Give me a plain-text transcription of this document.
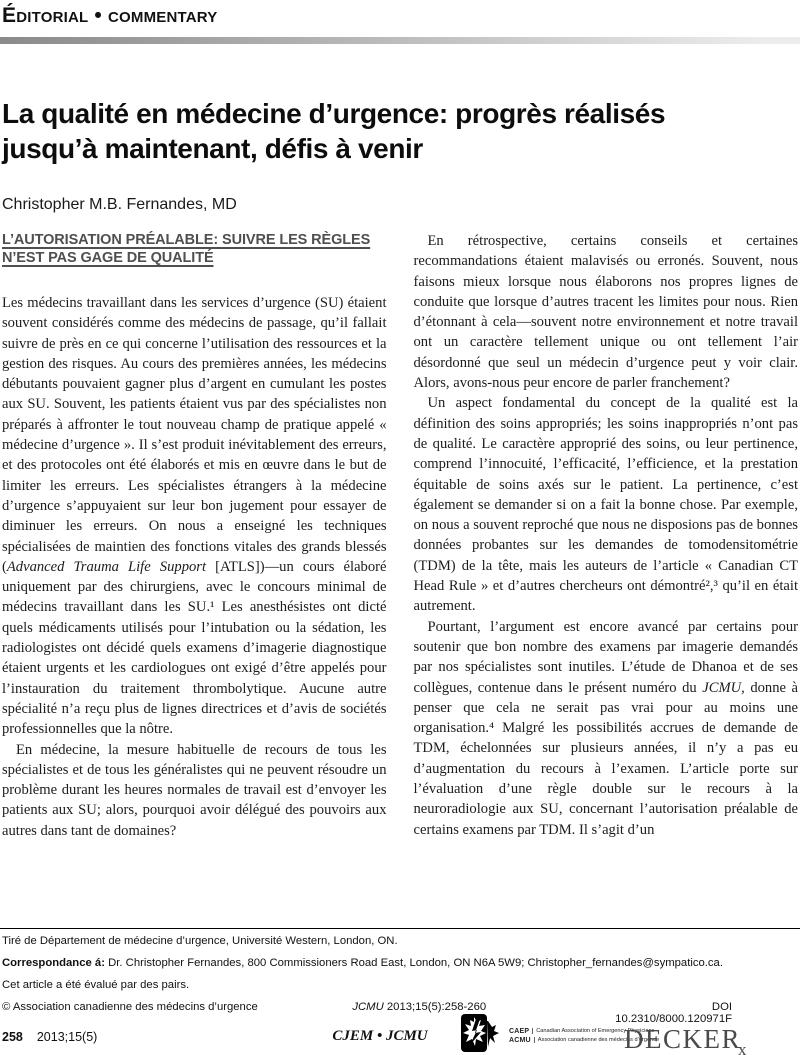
Éditorial • commentary
La qualité en médecine d’urgence: progrès réalisés jusqu’à maintenant, défis à venir
Christopher M.B. Fernandes, MD
L’AUTORISATION PRÉALABLE: SUIVRE LES RÈGLES N’EST PAS GAGE DE QUALITÉ

Les médecins travaillant dans les services d’urgence (SU) étaient souvent considérés comme des médecins de passage, qu’il fallait suivre de près en ce qui concerne l’utilisation des ressources et la gestion des risques. Au cours des premières années, les médecins débutants pouvaient gagner plus d’argent en cumulant les postes aux SU. Souvent, les patients étaient vus par des spécialistes non préparés à affronter le tout nouveau champ de pratique appelé « médecine d’urgence ». Il s’est produit inévitablement des erreurs, et des protocoles ont été élaborés et mis en œuvre dans le but de limiter les erreurs. Les spécialistes étrangers à la médecine d’urgence s’appuyaient sur leur bon jugement pour essayer de diminuer les erreurs. On nous a enseigné les techniques spécialisées de maintien des fonctions vitales des grands blessés (Advanced Trauma Life Support [ATLS])—un cours élaboré uniquement par des chirurgiens, avec le concours minimal de médecins travaillant dans les SU.¹ Les anesthésistes ont dicté quels médicaments utilisés pour l’intubation ou la sédation, les radiologistes ont décidé quels examens d’imagerie diagnostique étaient urgents et les cardiologues ont exigé d’être appelés pour l’instauration du traitement thrombolytique. Aucune autre spécialité n’a reçu plus de lignes directrices et d’avis de sociétés professionnelles que la nôtre.

En médecine, la mesure habituelle de recours de tous les spécialistes et de tous les généralistes qui ne peuvent résoudre un problème durant les heures normales de travail est d’envoyer les patients aux SU; alors, pourquoi avoir délégué des pouvoirs aux autres dans tant de domaines?

En rétrospective, certains conseils et certaines recommandations étaient malavisés ou erronés. Souvent, nous faisons mieux lorsque nous élaborons nos propres lignes de conduite que lorsque d’autres tracent les limites pour nous. Rien d’étonnant à cela—souvent notre environnement et notre travail ont un caractère tellement unique ou ont tellement l’air désordonné que seul un médecin d’urgence peut y voir clair. Alors, avons-nous peur encore de parler franchement?

Un aspect fondamental du concept de la qualité est la définition des soins appropriés; les soins inappropriés n’ont pas de qualité. Le caractère approprié des soins, ou leur pertinence, comprend l’innocuité, l’efficacité, l’efficience, et la prestation équitable de soins axés sur le patient. La pertinence, c’est également se demander si on a fait la bonne chose. Par exemple, on nous a souvent reproché que nous ne disposions pas de bonnes données probantes sur les demandes de tomodensitométrie (TDM) de la tête, mais les auteurs de l’article « Canadian CT Head Rule » et d’autres chercheurs ont démontré²,³ qu’il en était autrement.

Pourtant, l’argument est encore avancé par certains pour soutenir que bon nombre des examens par imagerie demandés par nos spécialistes sont inutiles. L’étude de Dhanoa et de ses collègues, contenue dans le présent numéro du JCMU, donne à penser que cela ne serait pas vrai pour au moins une organisation.⁴ Malgré les possibilités accrues de demande de TDM, échelonnées sur plusieurs années, il n’y a pas eu d’augmentation du recours à l’examen. L’article porte sur l’évaluation d’une règle double sur le recours à la neuroradiologie aux SU, concernant l’autorisation préalable de certains examens par TDM. Il s’agit d’un

Tiré de Département de médecine d’urgence, Université Western, London, ON.
Correspondance á: Dr. Christopher Fernandes, 800 Commissioners Road East, London, ON N6A 5W9; Christopher_fernandes@sympatico.ca.
Cet article a été évalué par des pairs.
© Association canadienne des médecins d’urgence	JCMU 2013;15(5):258-260	DOI 10.2310/8000.120971F
258 2013;15(5)	CJEM • JCMU	CAEP	Canadian Association of Emergency Physicians
ACMU	Association canadienne des médecins d’urgence
DECKERx
